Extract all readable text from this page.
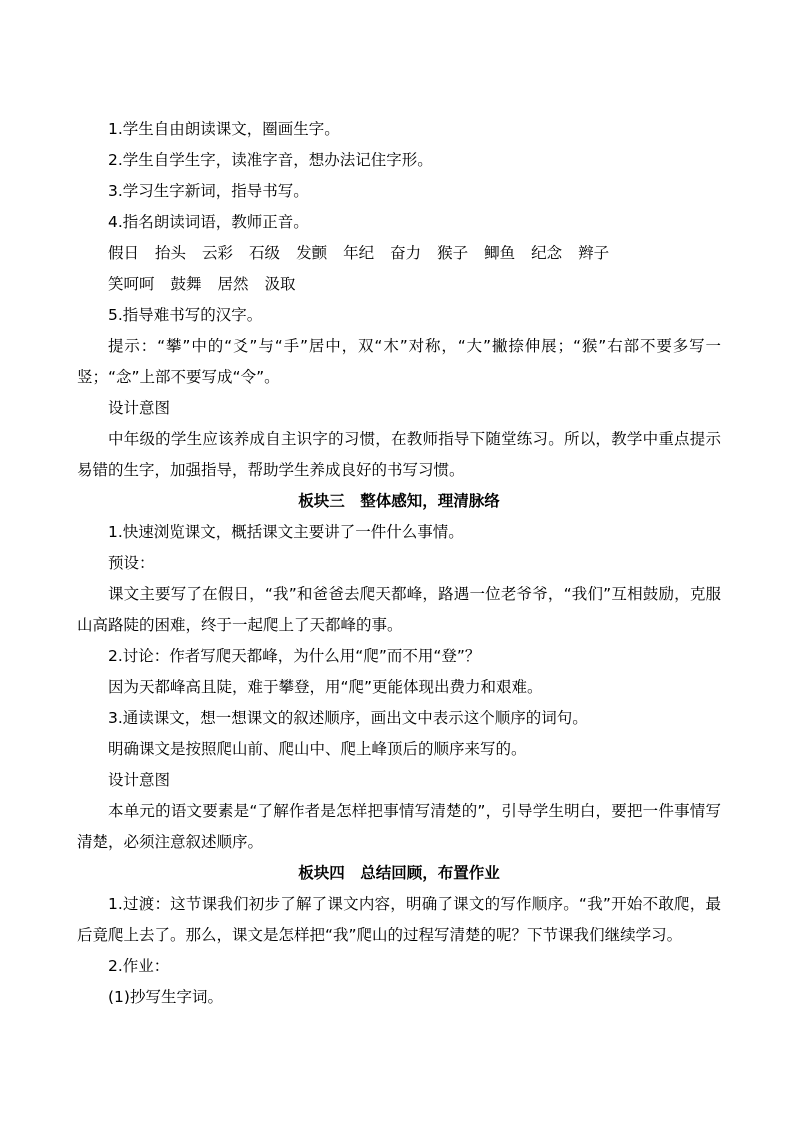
1.学生自由朗读课文，圈画生字。
2.学生自学生字，读准字音，想办法记住字形。
3.学习生字新词，指导书写。
4.指名朗读词语，教师正音。
假日 抬头 云彩 石级 发颤 年纪 奋力 猴子 鲫鱼 纪念 辫子
笑呵呵 鼓舞 居然 汲取
5.指导难书写的汉字。
提示：“攀”中的“爻”与“手”居中，双“木”对称，“大”撇捺伸展；“猴”右部不要多写一竖；“念”上部不要写成“令”。
设计意图
中年级的学生应该养成自主识字的习惯，在教师指导下随堂练习。所以，教学中重点提示易错的生字，加强指导，帮助学生养成良好的书写习惯。
板块三　整体感知，理清脉络
1.快速浏览课文，概括课文主要讲了一件什么事情。
预设：
课文主要写了在假日，“我”和爸爸去爬天都峰，路遇一位老爷爷，“我们”互相鼓励，克服山高路陡的困难，终于一起爬上了天都峰的事。
2.讨论：作者写爬天都峰，为什么用“爬”而不用“登”？
因为天都峰高且陡，难于攀登，用“爬”更能体现出费力和艰难。
3.通读课文，想一想课文的叙述顺序，画出文中表示这个顺序的词句。
明确课文是按照爬山前、爬山中、爬上峰顶后的顺序来写的。
设计意图
本单元的语文要素是“了解作者是怎样把事情写清楚的”，引导学生明白，要把一件事情写清楚，必须注意叙述顺序。
板块四　总结回顾，布置作业
1.过渡：这节课我们初步了解了课文内容，明确了课文的写作顺序。“我”开始不敢爬，最后竟爬上去了。那么，课文是怎样把“我”爬山的过程写清楚的呢？下节课我们继续学习。
2.作业：
(1)抄写生字词。
